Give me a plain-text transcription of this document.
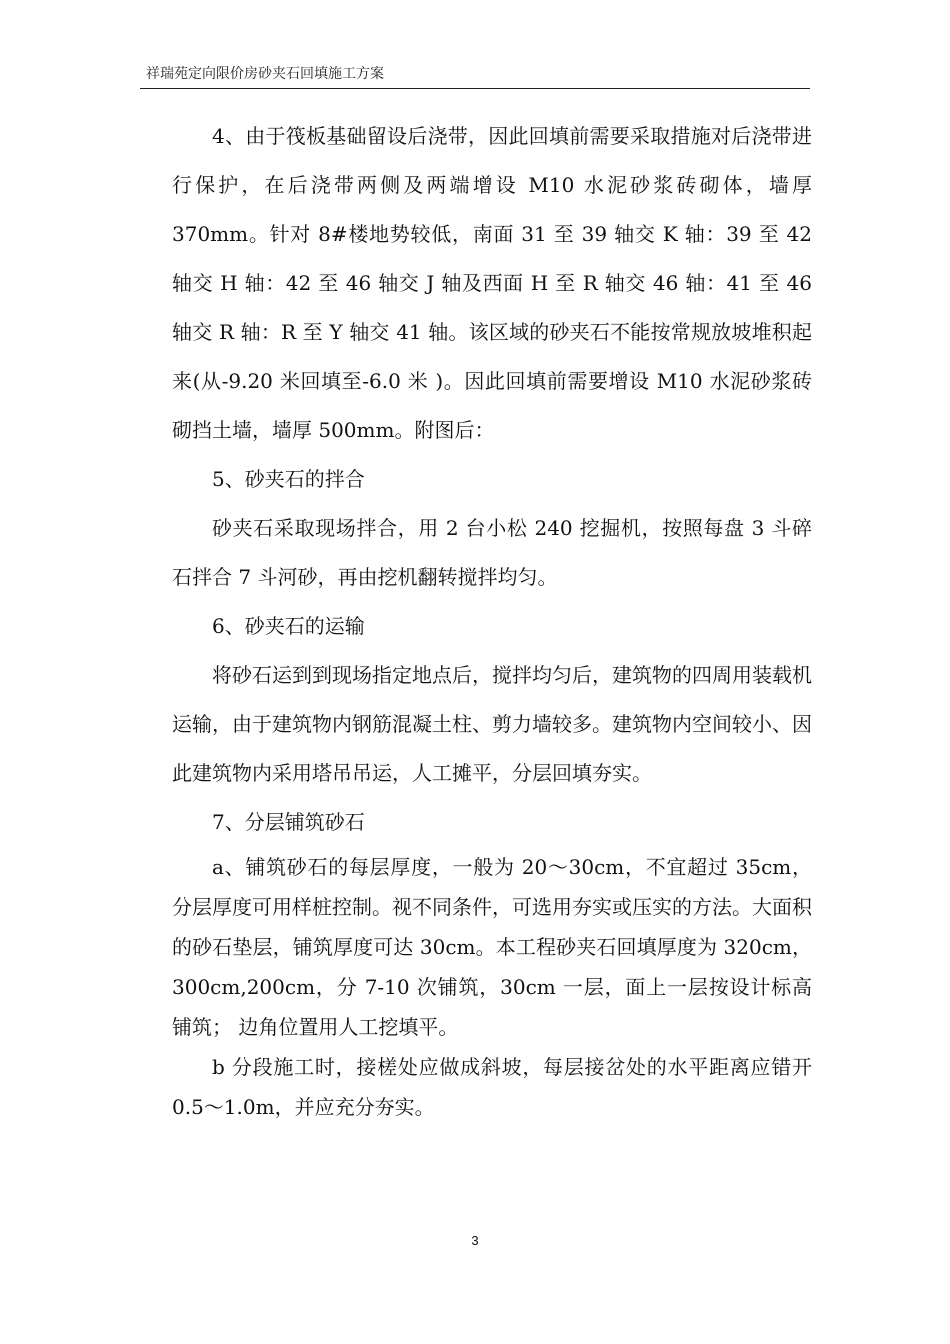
祥瑞苑定向限价房砂夹石回填施工方案

4、由于筏板基础留设后浇带，因此回填前需要采取措施对后浇带进行保护，在后浇带两侧及两端增设 M10 水泥砂浆砖砌体，墙厚 370mm。针对 8#楼地势较低，南面 31 至 39 轴交 K 轴：39 至 42 轴交 H 轴：42 至 46 轴交 J 轴及西面 H 至 R 轴交 46 轴：41 至 46 轴交 R 轴：R 至 Y 轴交 41 轴。该区域的砂夹石不能按常规放坡堆积起来(从-9.20 米回填至-6.0 米 )。因此回填前需要增设 M10 水泥砂浆砖砌挡土墙，墙厚 500mm。附图后：

5、砂夹石的拌合

砂夹石采取现场拌合，用 2 台小松 240 挖掘机，按照每盘 3 斗碎石拌合 7 斗河砂，再由挖机翻转搅拌均匀。

6、砂夹石的运输

将砂石运到到现场指定地点后，搅拌均匀后，建筑物的四周用装载机运输，由于建筑物内钢筋混凝土柱、剪力墙较多。建筑物内空间较小、因此建筑物内采用塔吊吊运，人工摊平，分层回填夯实。

7、分层铺筑砂石

a、铺筑砂石的每层厚度，一般为 20～30cm，不宜超过 35cm，分层厚度可用样桩控制。视不同条件，可选用夯实或压实的方法。大面积的砂石垫层，铺筑厚度可达 30cm。本工程砂夹石回填厚度为 320cm，300cm,200cm，分 7-10 次铺筑，30cm 一层，面上一层按设计标高铺筑； 边角位置用人工挖填平。

b 分段施工时，接槎处应做成斜坡，每层接岔处的水平距离应错开 0.5～1.0m，并应充分夯实。

3
